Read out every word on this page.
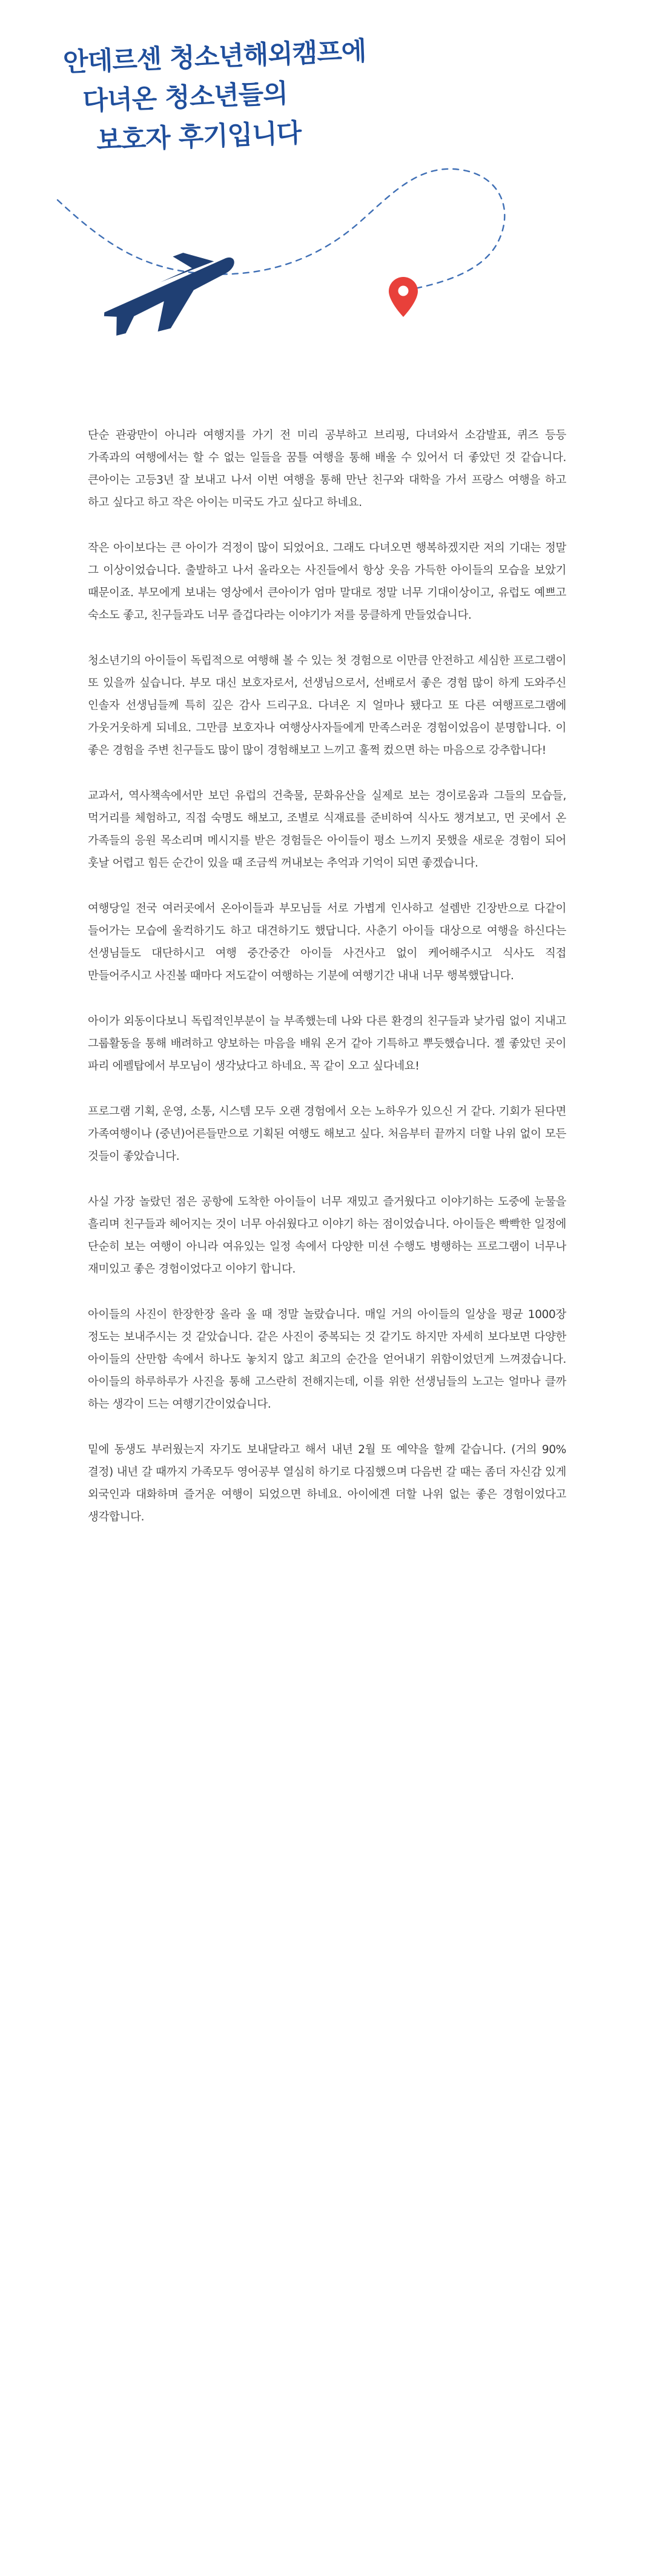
안데르센 청소년해외캠프에
다녀온 청소년들의
보호자 후기입니다

단순 관광만이 아니라 여행지를 가기 전 미리 공부하고 브리핑, 다녀와서 소감발표, 퀴즈 등등 가족과의 여행에서는 할 수 없는 일들을 꿈틀 여행을 통해 배울 수 있어서 더 좋았던 것 같습니다. 큰아이는 고등3년 잘 보내고 나서 이번 여행을 통해 만난 친구와 대학을 가서 프랑스 여행을 하고 하고 싶다고 하고 작은 아이는 미국도 가고 싶다고 하네요.

작은 아이보다는 큰 아이가 걱정이 많이 되었어요. 그래도 다녀오면 행복하겠지란 저의 기대는 정말 그 이상이었습니다. 출발하고 나서 올라오는 사진들에서 항상 웃음 가득한 아이들의 모습을 보았기 때문이죠. 부모에게 보내는 영상에서 큰아이가 엄마 말대로 정말 너무 기대이상이고, 유럽도 예쁘고 숙소도 좋고, 친구들과도 너무 즐겁다라는 이야기가 저를 뭉클하게 만들었습니다.

청소년기의 아이들이 독립적으로 여행해 볼 수 있는 첫 경험으로 이만큼 안전하고 세심한 프로그램이 또 있을까 싶습니다. 부모 대신 보호자로서, 선생님으로서, 선배로서 좋은 경험 많이 하게 도와주신 인솔자 선생님들께 특히 깊은 감사 드리구요. 다녀온 지 얼마나 됐다고 또 다른 여행프로그램에 가웃거웃하게 되네요. 그만큼 보호자나 여행상사자들에게 만족스러운 경험이었음이 분명합니다. 이 좋은 경험을 주변 친구들도 많이 많이 경험해보고 느끼고 훌쩍 컸으면 하는 마음으로 강추합니다!

교과서, 역사책속에서만 보던 유럽의 건축물, 문화유산을 실제로 보는 경이로움과 그들의 모습들, 먹거리를 체험하고, 직접 숙명도 해보고, 조별로 식재료를 준비하여 식사도 챙겨보고, 먼 곳에서 온 가족들의 응원 목소리며 메시지를 받은 경험들은 아이들이 평소 느끼지 못했을 새로운 경험이 되어 훗날 어렵고 힘든 순간이 있을 때 조금씩 꺼내보는 추억과 기억이 되면 좋겠습니다.

여행당일 전국 여러곳에서 온아이들과 부모님들 서로 가볍게 인사하고 설렘반 긴장반으로 다같이 들어가는 모습에 울컥하기도 하고 대견하기도 했답니다. 사춘기 아이들 대상으로 여행을 하신다는 선생님들도 대단하시고 여행 중간중간 아이들 사건사고 없이 케어해주시고 식사도 직접 만들어주시고 사진볼 때마다 저도같이 여행하는 기분에 여행기간 내내 너무 행복했답니다.

아이가 외동이다보니 독립적인부분이 늘 부족했는데 나와 다른 환경의 친구들과 낯가림 없이 지내고 그룹활동을 통해 배려하고 양보하는 마음을 배워 온거 같아 기특하고 뿌듯했습니다. 젤 좋았던 곳이 파리 에펠탑에서 부모님이 생각났다고 하네요. 꼭 같이 오고 싶다네요!

프로그램 기획, 운영, 소통, 시스템 모두 오랜 경험에서 오는 노하우가 있으신 거 같다. 기회가 된다면 가족여행이나 (중년)어른들만으로 기획된 여행도 해보고 싶다. 처음부터 끝까지 더할 나위 없이 모든 것들이 좋았습니다.

사실 가장 놀랐던 점은 공항에 도착한 아이들이 너무 재밌고 즐거웠다고 이야기하는 도중에 눈물을 흘리며 친구들과 헤어지는 것이 너무 아쉬웠다고 이야기 하는 점이었습니다. 아이들은 빡빡한 일정에 단순히 보는 여행이 아니라 여유있는 일정 속에서 다양한 미션 수행도 병행하는 프로그램이 너무나 재미있고 좋은 경험이었다고 이야기 합니다.

아이들의 사진이 한장한장 올라 올 때 정말 놀랐습니다. 매일 거의 아이들의 일상을 평균 1000장 정도는 보내주시는 것 같았습니다. 같은 사진이 중복되는 것 같기도 하지만 자세히 보다보면 다양한 아이들의 산만함 속에서 하나도 놓치지 않고 최고의 순간을 얻어내기 위함이었던게 느껴졌습니다. 아이들의 하루하루가 사진을 통해 고스란히 전해지는데, 이를 위한 선생님들의 노고는 얼마나 클까 하는 생각이 드는 여행기간이었습니다.

밑에 동생도 부러웠는지 자기도 보내달라고 해서 내년 2월 또 예약을 할께 같습니다. (거의 90%결정) 내년 갈 때까지 가족모두 영어공부 열심히 하기로 다짐했으며 다음번 갈 때는 좀더 자신감 있게 외국인과 대화하며 즐거운 여행이 되었으면 하네요. 아이에겐 더할 나위 없는 좋은 경험이었다고 생각합니다.
